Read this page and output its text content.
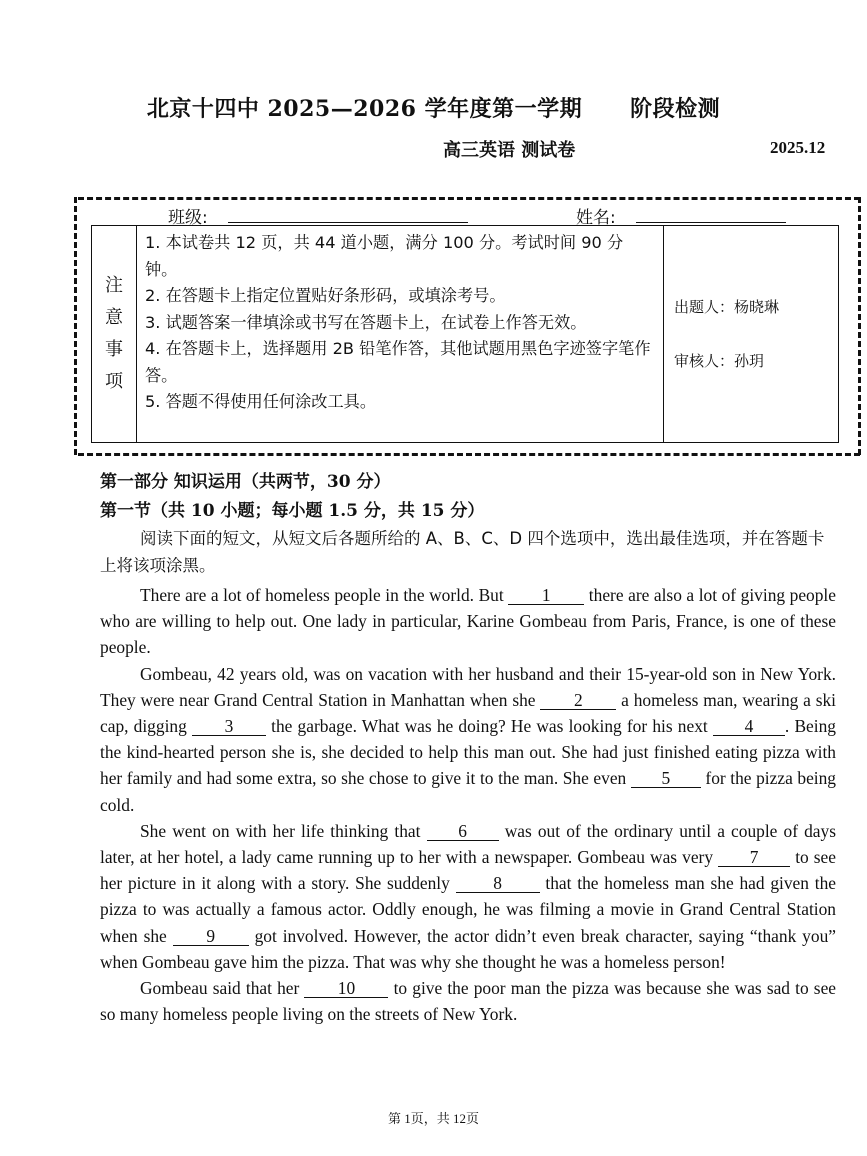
北京十四中 2025—2026 学年度第一学期 阶段检测
高三英语 测试卷	2025.12
班级:	姓名:
注
意
事
项

1. 本试卷共 12 页，共 44 道小题，满分 100 分。考试时间 90 分钟。
2. 在答题卡上指定位置贴好条形码，或填涂考号。
3. 试题答案一律填涂或书写在答题卡上，在试卷上作答无效。
4. 在答题卡上，选择题用 2B 铅笔作答，其他试题用黑色字迹签字笔作答。
5. 答题不得使用任何涂改工具。

出题人：杨晓琳
审核人：孙玥
第一部分 知识运用（共两节，30 分）
第一节（共 10 小题；每小题 1.5 分，共 15 分）
阅读下面的短文，从短文后各题所给的 A、B、C、D 四个选项中，选出最佳选项，并在答题卡上将该项涂黑。

There are a lot of homeless people in the world. But 1 there are also a lot of giving people who are willing to help out. One lady in particular, Karine Gombeau from Paris, France, is one of these people.

Gombeau, 42 years old, was on vacation with her husband and their 15-year-old son in New York. They were near Grand Central Station in Manhattan when she 2 a homeless man, wearing a ski cap, digging 3 the garbage. What was he doing? He was looking for his next 4 . Being the kind-hearted person she is, she decided to help this man out. She had just finished eating pizza with her family and had some extra, so she chose to give it to the man. She even 5 for the pizza being cold.

She went on with her life thinking that 6 was out of the ordinary until a couple of days later, at her hotel, a lady came running up to her with a newspaper. Gombeau was very 7 to see her picture in it along with a story. She suddenly 8 that the homeless man she had given the pizza to was actually a famous actor. Oddly enough, he was filming a movie in Grand Central Station when she 9 got involved. However, the actor didn’t even break character, saying “thank you” when Gombeau gave him the pizza. That was why she thought he was a homeless person!

Gombeau said that her 10 to give the poor man the pizza was because she was sad to see so many homeless people living on the streets of New York.

第 1页，共 12页
